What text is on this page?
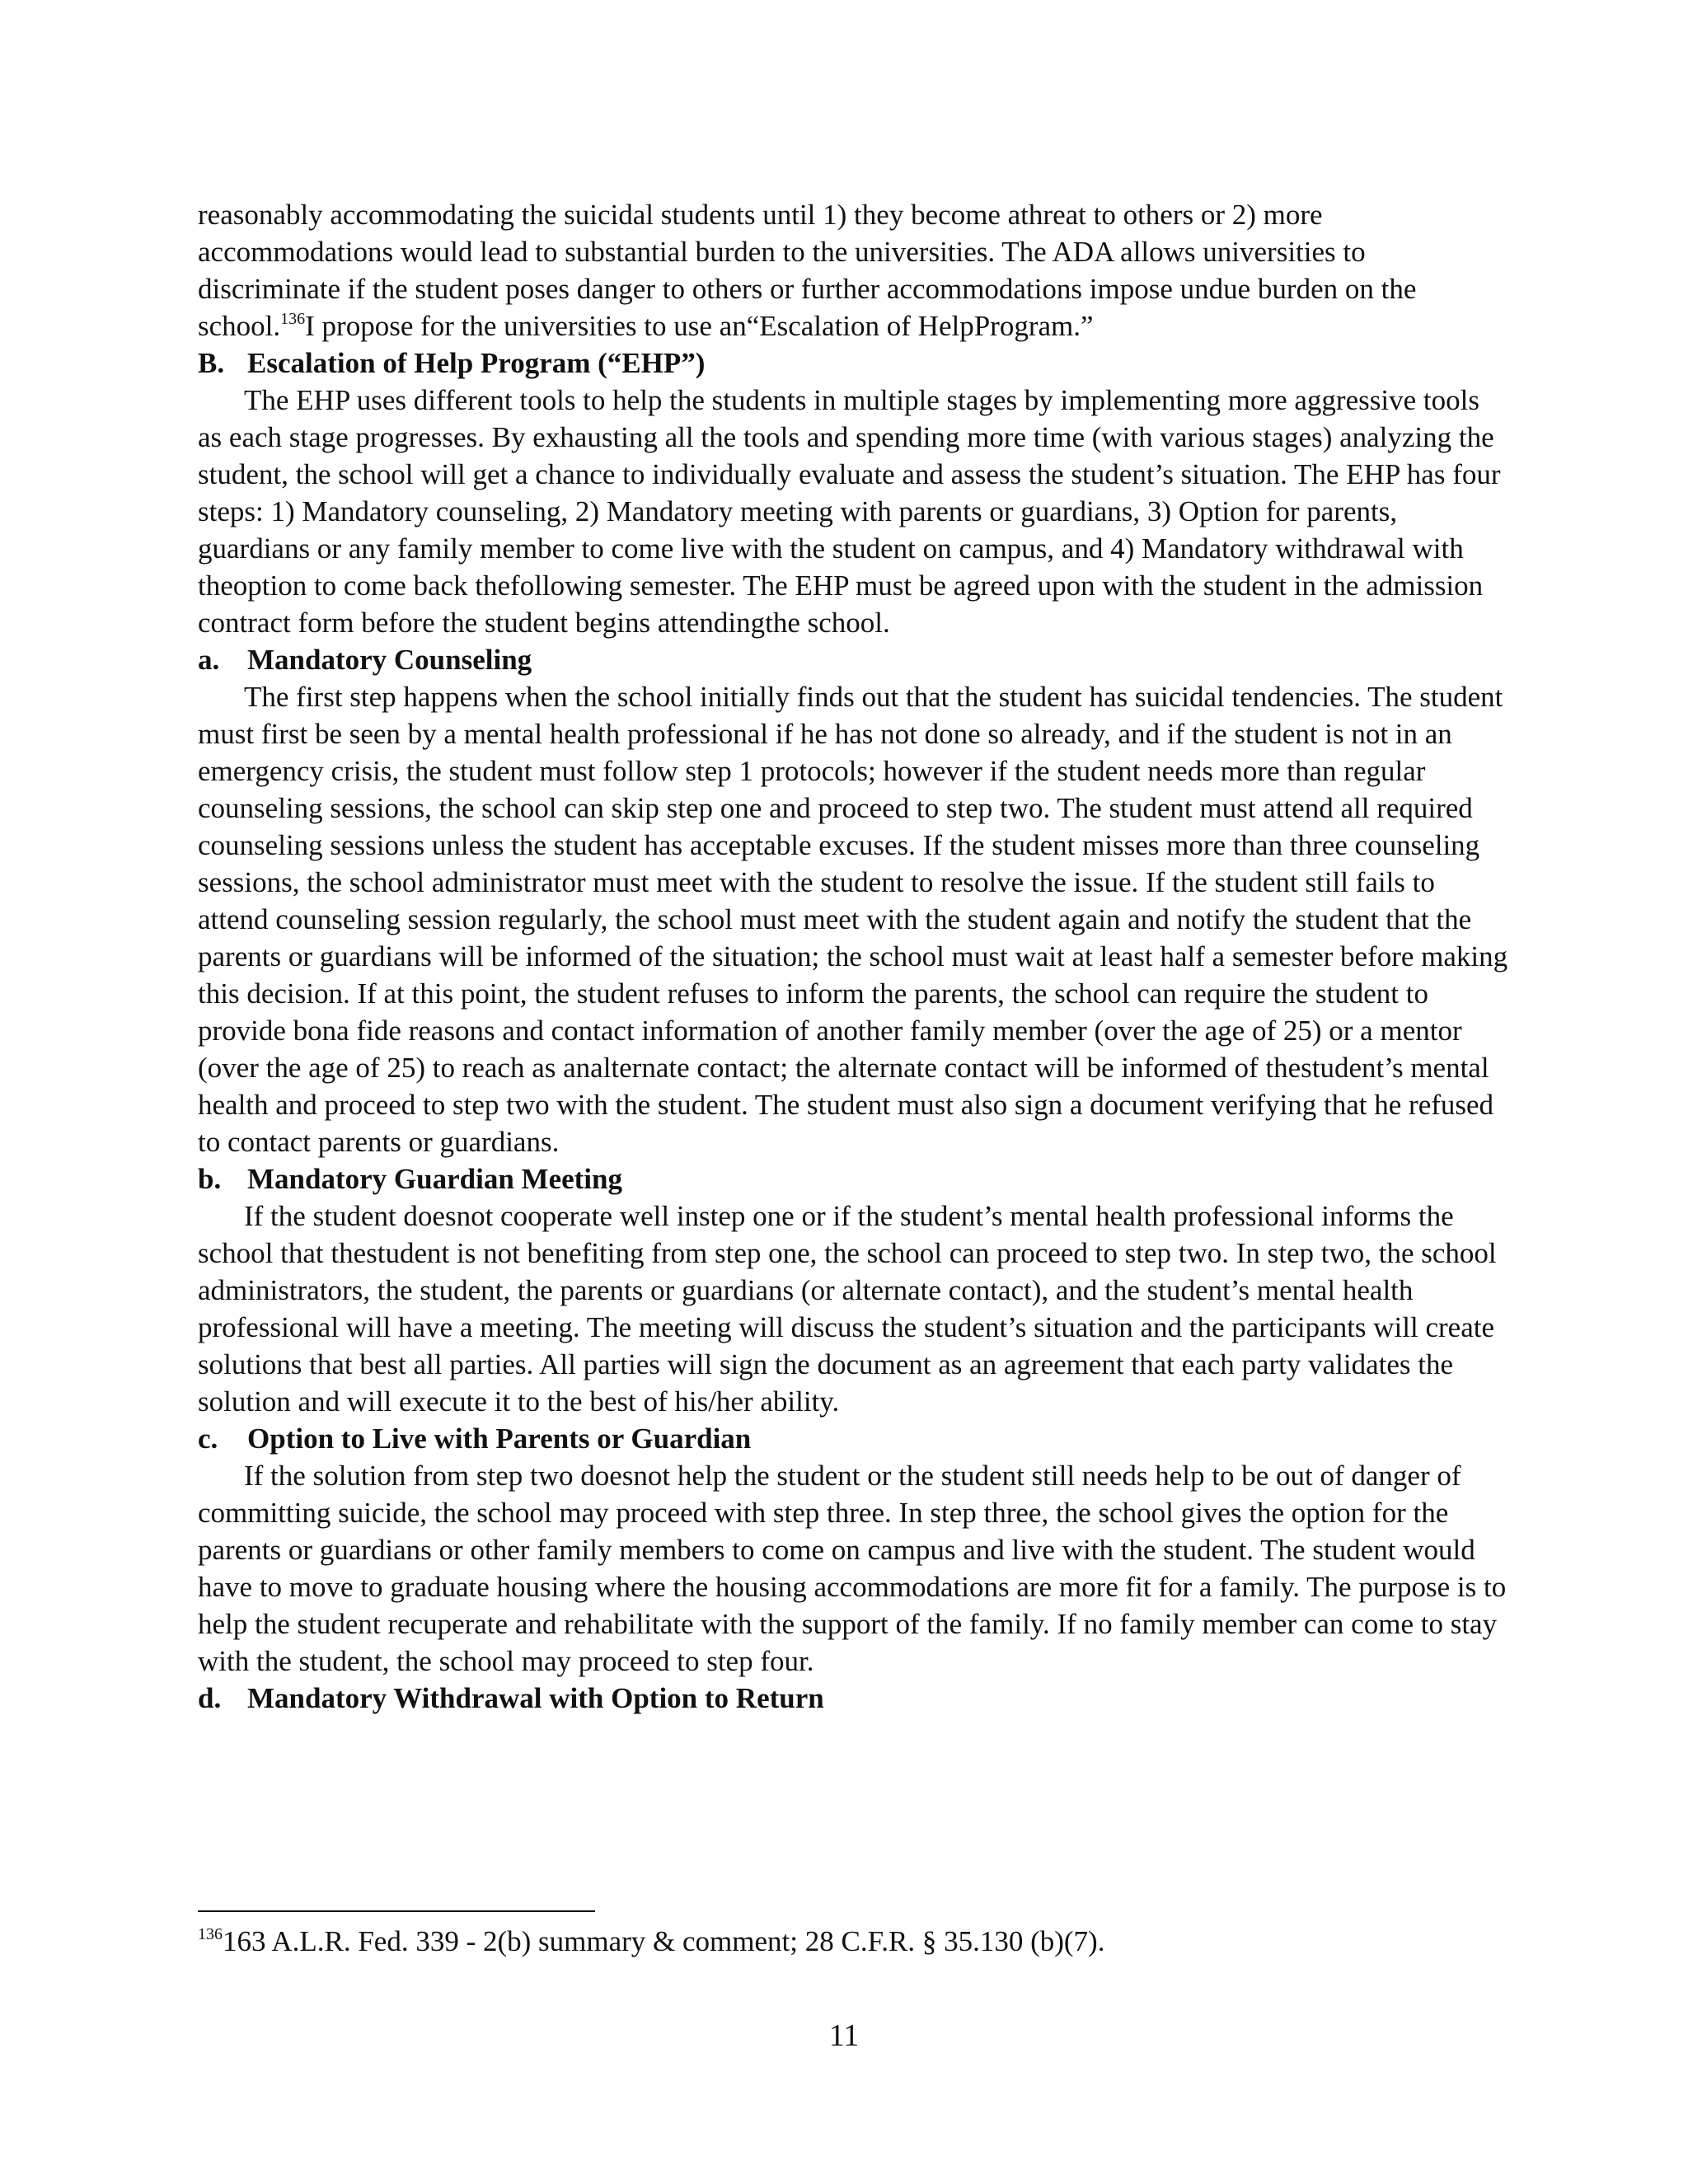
reasonably accommodating the suicidal students until 1) they become athreat to others or 2) more accommodations would lead to substantial burden to the universities. The ADA allows universities to discriminate if the student poses danger to others or further accommodations impose undue burden on the school.$^{136}$I propose for the universities to use an“Escalation of HelpProgram.”

B. Escalation of Help Program (“EHP”)

The EHP uses different tools to help the students in multiple stages by implementing more aggressive tools as each stage progresses. By exhausting all the tools and spending more time (with various stages) analyzing the student, the school will get a chance to individually evaluate and assess the student’s situation. The EHP has four steps: 1) Mandatory counseling, 2) Mandatory meeting with parents or guardians, 3) Option for parents, guardians or any family member to come live with the student on campus, and 4) Mandatory withdrawal with theoption to come back thefollowing semester. The EHP must be agreed upon with the student in the admission contract form before the student begins attendingthe school.

a. Mandatory Counseling

The first step happens when the school initially finds out that the student has suicidal tendencies. The student must first be seen by a mental health professional if he has not done so already, and if the student is not in an emergency crisis, the student must follow step 1 protocols; however if the student needs more than regular counseling sessions, the school can skip step one and proceed to step two. The student must attend all required counseling sessions unless the student has acceptable excuses. If the student misses more than three counseling sessions, the school administrator must meet with the student to resolve the issue. If the student still fails to attend counseling session regularly, the school must meet with the student again and notify the student that the parents or guardians will be informed of the situation; the school must wait at least half a semester before making this decision. If at this point, the student refuses to inform the parents, the school can require the student to provide bona fide reasons and contact information of another family member (over the age of 25) or a mentor (over the age of 25) to reach as analternate contact; the alternate contact will be informed of thestudent’s mental health and proceed to step two with the student. The student must also sign a document verifying that he refused to contact parents or guardians.

b. Mandatory Guardian Meeting

If the student doesnot cooperate well instep one or if the student’s mental health professional informs the school that thestudent is not benefiting from step one, the school can proceed to step two. In step two, the school administrators, the student, the parents or guardians (or alternate contact), and the student’s mental health professional will have a meeting. The meeting will discuss the student’s situation and the participants will create solutions that best all parties. All parties will sign the document as an agreement that each party validates the solution and will execute it to the best of his/her ability.

c. Option to Live with Parents or Guardian

If the solution from step two doesnot help the student or the student still needs help to be out of danger of committing suicide, the school may proceed with step three. In step three, the school gives the option for the parents or guardians or other family members to come on campus and live with the student. The student would have to move to graduate housing where the housing accommodations are more fit for a family. The purpose is to help the student recuperate and rehabilitate with the support of the family. If no family member can come to stay with the student, the school may proceed to step four.

d. Mandatory Withdrawal with Option to Return

$^{136}$163 A.L.R. Fed. 339 - 2(b) summary & comment; 28 C.F.R. § 35.130 (b)(7).
11
